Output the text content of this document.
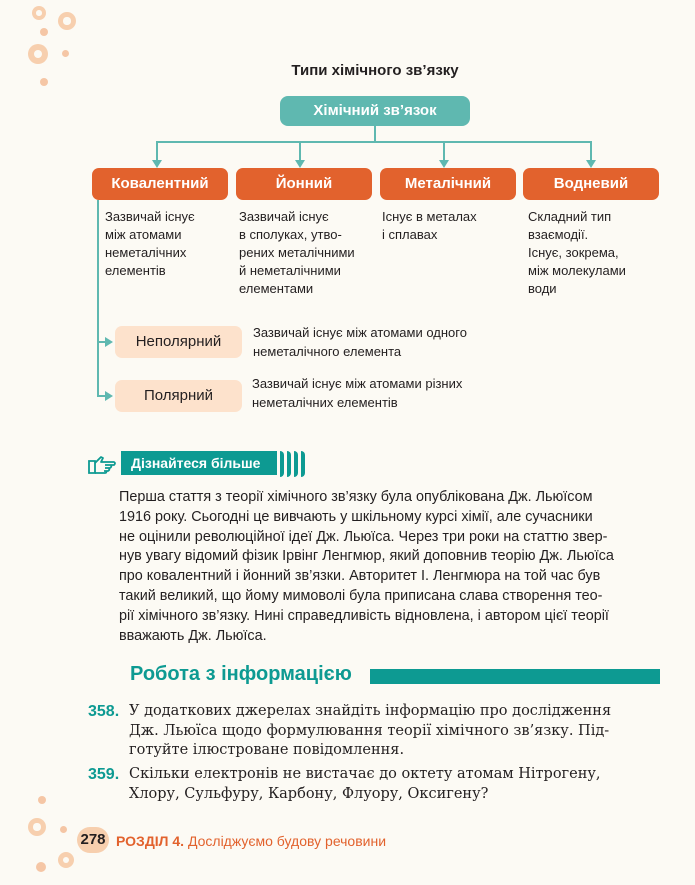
Типи хімічного зв’язку
Хімічний зв’язок
Ковалентний	Йонний	Металічний	Водневий
Зазвичай існує
між атомами
неметалічних
елементів
Зазвичай існує
в сполуках, утво-
рених металічними
й неметалічними
елементами
Існує в металах
і сплавах
Складний тип
взаємодії.
Існує, зокрема,
між молекулами
води
Неполярний
Полярний
Зазвичай існує між атомами одного
неметалічного елемента
Зазвичай існує між атомами різних
неметалічних елементів
Дізнайтеся більше
Перша стаття з теорії хімічного зв’язку була опублікована Дж. Льюїсом
1916 року. Сьогодні це вивчають у шкільному курсі хімії, але сучасники
не оцінили революційної ідеї Дж. Льюїса. Через три роки на статтю звер-
нув увагу відомий фізик Ірвінг Ленгмюр, який доповнив теорію Дж. Льюїса
про ковалентний і йонний зв’язки. Авторитет І. Ленгмюра на той час був
такий великий, що йому мимоволі була приписана слава створення тео-
рії хімічного зв’язку. Нині справедливість відновлена, і автором цієї теорії
вважають Дж. Льюїса.
Робота з інформацією
358. У додаткових джерелах знайдіть інформацію про дослідження
Дж. Льюїса щодо формулювання теорії хімічного зв’язку. Під-
готуйте ілюстроване повідомлення.
359. Скільки електронів не вистачає до октету атомам Нітрогену,
Хлору, Сульфуру, Карбону, Флуору, Оксигену?
278 РОЗДІЛ 4. Досліджуємо будову речовини
